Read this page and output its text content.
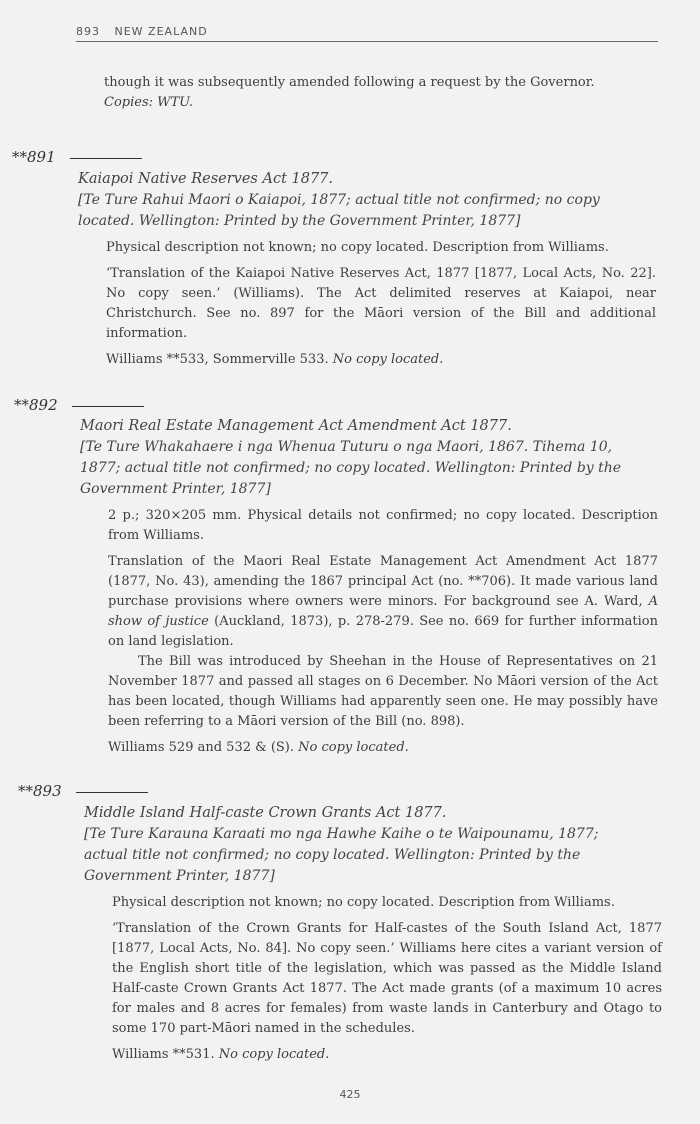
893 NEW ZEALAND

though it was subsequently amended following a request by the Governor.

Copies: WTU.

**891

Kaiapoi Native Reserves Act 1877.

[Te Ture Rahui Maori o Kaiapoi, 1877; actual title not confirmed; no copy located. Wellington: Printed by the Government Printer, 1877]

Physical description not known; no copy located. Description from Williams.

‘Translation of the Kaiapoi Native Reserves Act, 1877 [1877, Local Acts, No. 22]. No copy seen.’ (Williams). The Act delimited reserves at Kaiapoi, near Christchurch. See no. 897 for the Māori version of the Bill and additional information.

Williams **533, Sommerville 533. No copy located.

**892

Maori Real Estate Management Act Amendment Act 1877.

[Te Ture Whakahaere i nga Whenua Tuturu o nga Maori, 1867. Tihema 10, 1877; actual title not confirmed; no copy located. Wellington: Printed by the Government Printer, 1877]

2 p.; 320×205 mm. Physical details not confirmed; no copy located. Description from Williams.

Translation of the Maori Real Estate Management Act Amendment Act 1877 (1877, No. 43), amending the 1867 principal Act (no. **706). It made various land purchase provisions where owners were minors. For background see A. Ward, A show of justice (Auckland, 1873), p. 278-279. See no. 669 for further information on land legislation.

The Bill was introduced by Sheehan in the House of Representatives on 21 November 1877 and passed all stages on 6 December. No Māori version of the Act has been located, though Williams had apparently seen one. He may possibly have been referring to a Māori version of the Bill (no. 898).

Williams 529 and 532 & (S). No copy located.

**893

Middle Island Half-caste Crown Grants Act 1877.

[Te Ture Karauna Karaati mo nga Hawhe Kaihe o te Waipounamu, 1877; actual title not confirmed; no copy located. Wellington: Printed by the Government Printer, 1877]

Physical description not known; no copy located. Description from Williams.

‘Translation of the Crown Grants for Half-castes of the South Island Act, 1877 [1877, Local Acts, No. 84]. No copy seen.’ Williams here cites a variant version of the English short title of the legislation, which was passed as the Middle Island Half-caste Crown Grants Act 1877. The Act made grants (of a maximum 10 acres for males and 8 acres for females) from waste lands in Canterbury and Otago to some 170 part-Māori named in the schedules.

Williams **531. No copy located.

425
